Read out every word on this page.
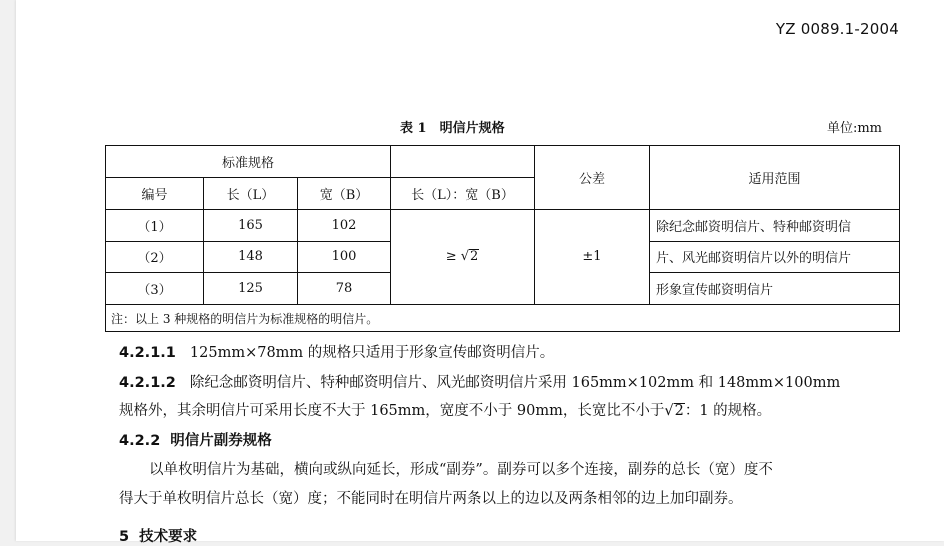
YZ 0089.1-2004
表 1　明信片规格	单位:mm
标准规格				公差	适用范围
编号	长（L）	宽（B）	长（L）：宽（B）		
（1）	165	102	≥ √2	±1	除纪念邮资明信片、特种邮资明信
（2）	148	100			片、风光邮资明信片以外的明信片
（3）	125	78			形象宣传邮资明信片
注：以上 3 种规格的明信片为标准规格的明信片。					
4.2.1.1 125mm×78mm 的规格只适用于形象宣传邮资明信片。
4.2.1.2 除纪念邮资明信片、特种邮资明信片、风光邮资明信片采用 165mm×102mm 和 148mm×100mm
规格外，其余明信片可采用长度不大于 165mm，宽度不小于 90mm，长宽比不小于√2：1 的规格。
4.2.2 明信片副券规格
以单枚明信片为基础，横向或纵向延长，形成“副券”。副券可以多个连接，副券的总长（宽）度不
得大于单枚明信片总长（宽）度；不能同时在明信片两条以上的边以及两条相邻的边上加印副券。
5 技术要求
